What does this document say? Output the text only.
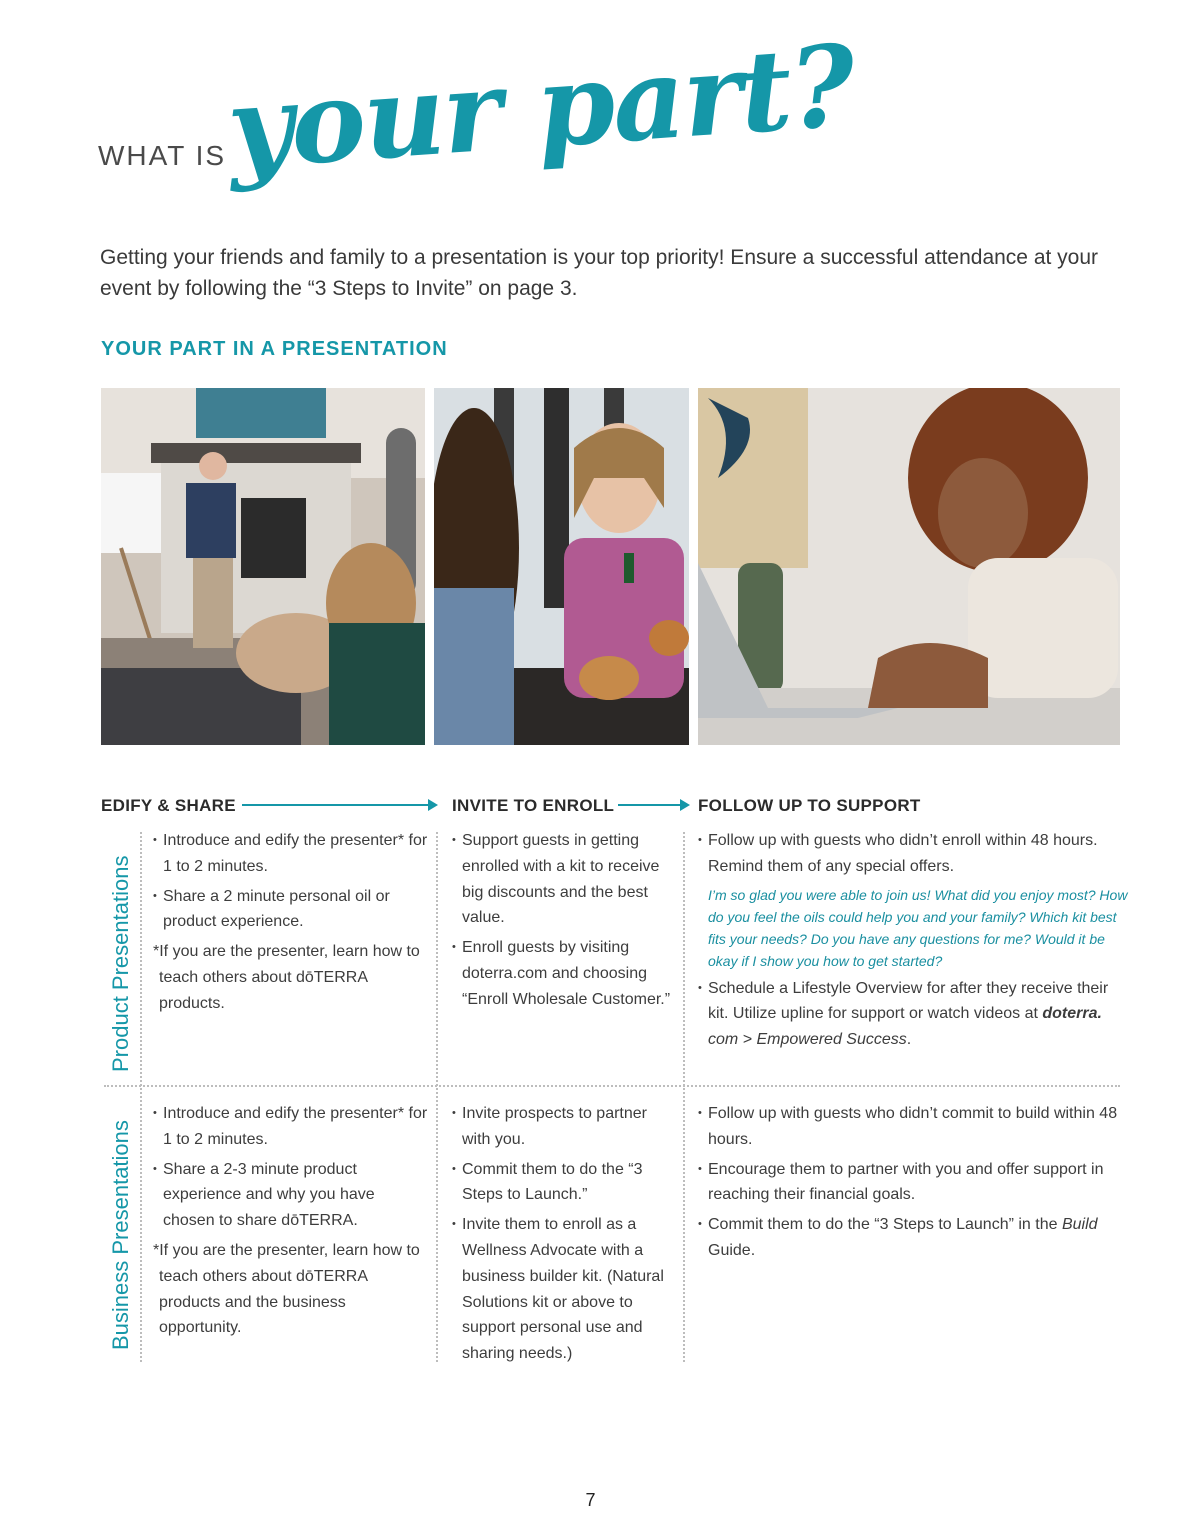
WHAT IS
your part?
Getting your friends and family to a presentation is your top priority! Ensure a successful attendance at your event by following the “3 Steps to Invite” on page 3.
YOUR PART IN A PRESENTATION
EDIFY & SHARE	INVITE TO ENROLL	FOLLOW UP TO SUPPORT
Product Presentations
Business Presentations
• Introduce and edify the presenter* for 1 to 2 minutes.
• Share a 2 minute personal oil or product experience.
*If you are the presenter, learn how to teach others about dōTERRA products.
• Support guests in getting enrolled with a kit to receive big discounts and the best value.
• Enroll guests by visiting doterra.com and choosing “Enroll Wholesale Customer.”
• Follow up with guests who didn’t enroll within 48 hours. Remind them of any special offers.
I’m so glad you were able to join us! What did you enjoy most? How do you feel the oils could help you and your family? Which kit best fits your needs? Do you have any questions for me? Would it be okay if I show you how to get started?
• Schedule a Lifestyle Overview for after they receive their kit. Utilize upline for support or watch videos at doterra.
com > Empowered Success.
• Introduce and edify the presenter* for 1 to 2 minutes.
• Share a 2-3 minute product experience and why you have chosen to share dōTERRA.
*If you are the presenter, learn how to teach others about dōTERRA products and the business opportunity.
• Invite prospects to partner with you.
• Commit them to do the “3 Steps to Launch.”
• Invite them to enroll as a Wellness Advocate with a business builder kit. (Natural Solutions kit or above to support personal use and sharing needs.)
• Follow up with guests who didn’t commit to build within 48 hours.
• Encourage them to partner with you and offer support in reaching their financial goals.
• Commit them to do the “3 Steps to Launch” in the Build Guide.
7
